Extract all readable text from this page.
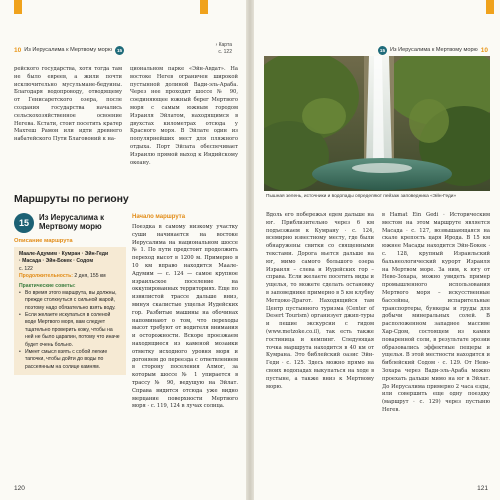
10 Из Иерусалима к Мертвому морю	15
› Карта
с. 122

рейского государства, хотя тогда там не было евреев, а жили почти исключительно мусульмане-бедуины. Благодаря водопроводу, отводящему от Генисаретского озера, после создания государства начались сельскохозяйственное освоение Негева. Кстати, стоит посетить кратер Махтеш Рамон или идти древнего набатейского Пути Благовоний к на-

циональном парке «Эйн-Авдат». На востоке Негев ограничен широкой пустынной долиной Вади-эль-Араба. Через нее проходит шоссе № 90, соединяющее южный берег Мертвого моря с самым южным городом Израиля Эйлатом, находящимся в двухстах километрах отсюда у Красного моря. В Эйлате один из популярнейших мест для пляжного отдыха. Порт Эйлата обеспечивает Израилю прямой выход к Индийскому океану.

Маршруты по региону
15
Из Иерусалима к Мертвому морю
Описание маршрута
Маале-Адумим · Кумран · Эйн-Геди
· Масада · Эйн-Бокек · Содом
с. 122
Продолжительность: 2 дня, 155 км
Практические советы:
• Во время этого маршрута, вы должны, прежде столкнуться с сильной жарой, поэтому надо обязательно взять воду.
• Если желаете искупаться в соленой воде Мертвого моря, вам следует тщательно проверить кожу, чтобы на ней не было царапин, потому что иначе будет очень больно.
• Имеет смысл взять с собой легкие тапочки, чтобы дойти до воды по рассеянным на солице камням.
Начало маршрута

Поездка в самому низкому участку суши начинается на востоке Иерусалима на национальном шоссе № 1. По пути предстоит продолжить переход высот в 1200 м. Примерно в 10 км вправо находится Маале-Адумим — с. 124 — самое крупное израильское поселение на оккупированных территориях. Еще по извилистой трассе дальше вниз, минуя скалистые ущелья Иудейских гор. Разбитые машины на обочинах напоминают о том, что переходы высот требуют от водителя внимания и осторожности. Вскоре проезжаем находящиеся из каменой мозаики отметку исходного уровня моря и догоняем до переезда с ответвлением в сторону поселения Алмог, за которым шоссе № 1 упирается в трассу № 90, ведущую на Эйлат. Справа видится отсюда уже видно мерцание поверхности Мертвого моря · с. 119, 124 в лучах солнца.

120
15 Из Иерусалима к Мертвому морю 10
Пышная зелень, источники и водопады определяют пейзаж заповедника «Эйн-Геди»

Вдоль его побережья едем дальше на юг. Приблизительно через 6 км подъезжаем к Кумрану · с. 124, всемирно известному месту, где были обнаружены свитки со священными текстами. Дорога вьется дальше на юг, мимо самого большого озера Израиля – слева и Иудейских гор – справа. Если желаете посетить виды и ущелья, то можете сделать остановку в заповеднике примерно в 5 км клубну Метцоке-Драгот. Находящийся там Центр пустынного туризма (Center of Desert Tourism) организует джип-туры и пешие экскурсии с гидом (www.metzoke.co.il), так есть также гостиница и кемпинг. Следующая точка маршрута находится в 40 км от Кумрана. Это библейский оазис Эйн-Геди · с. 125. Здесь можно прямо на своих водопадах выкупаться на ходе в пустыне, а также вниз к Мертвому морю.

в Hamat Ein Gedi · Историческим местом на этом маршруте является Масада · с. 127, возвышающаяся на скале крепость царя Ирода. В 15 км южнее Масады находится Эйн-Бокек · с. 128, крупный Израильский бальнеологический курорт Израиля на Мертвом море. За ним, к югу от Нево-Зохара, можно увидеть пример промышленного использования Мертвого моря – искусственные бассейны, испарительные транспортеры, бункеры и груды для добычи минеральных солей. В расположенном западнее массиве Хар-Сдом, состоящем из камня поваренной соли, в результате эрозии образовались эффектные пещеры и ущелья. В этой местности находится и библейский Содом · с. 129. От Нево-Зохара через Вади-эль-Араба можно проехать дальше мимо на юг в Эйлат. До Иерусалима примерно 2 часа езды, или совершить еще одну поездку (маршрут · с. 129) через пустыню Негев.

121
